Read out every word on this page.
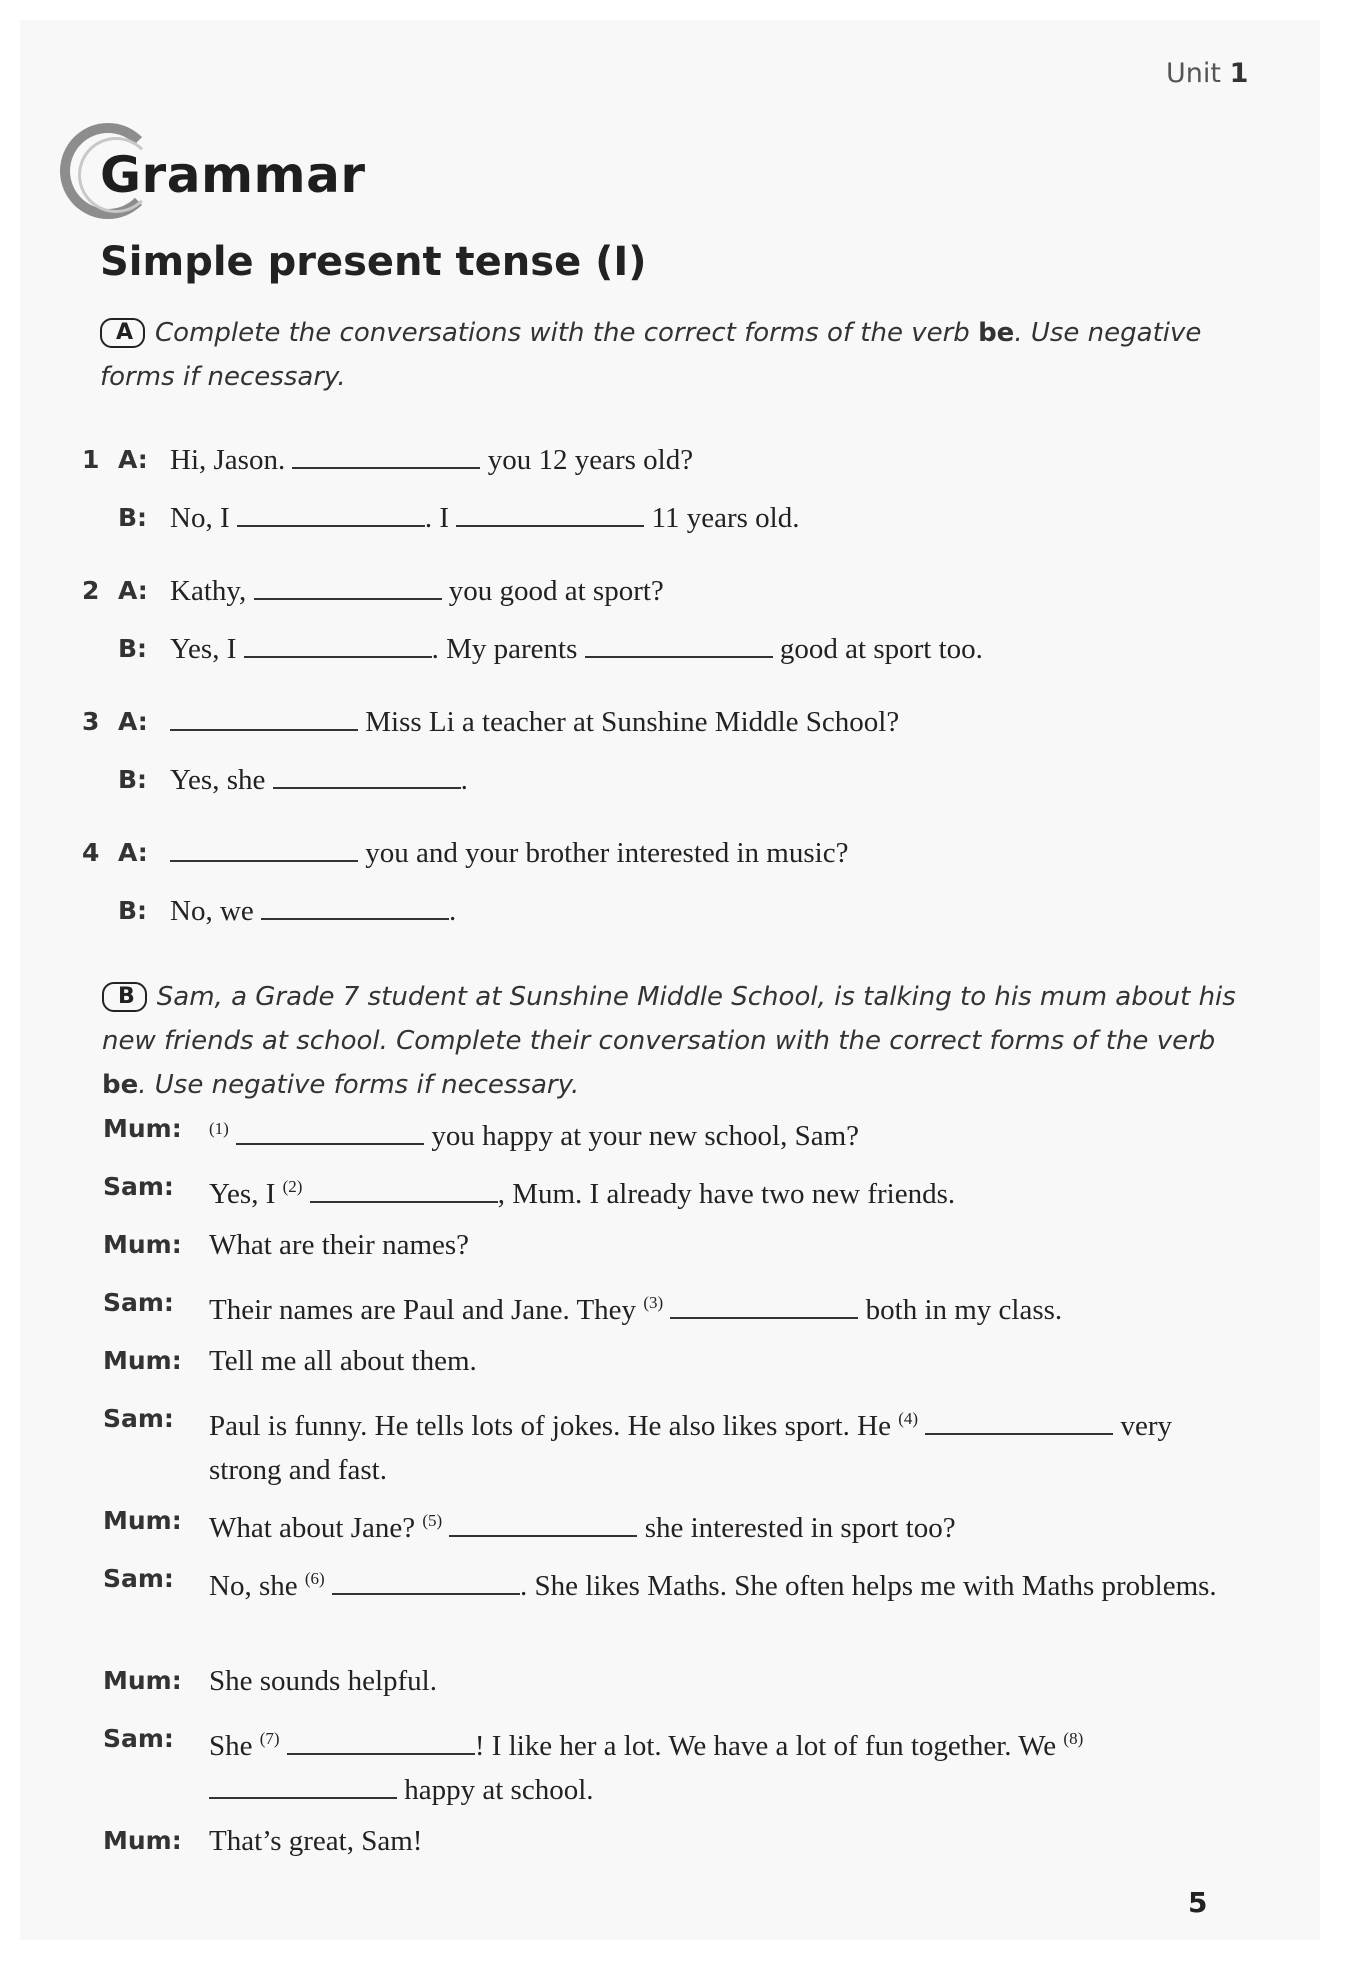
Unit 1
Grammar
Simple present tense (I)
A Complete the conversations with the correct forms of the verb be. Use negative forms if necessary.
1 A: Hi, Jason.	you 12 years old?
B: No, I	. I	11 years old.
2 A: Kathy,	you good at sport?
B: Yes, I	. My parents	good at sport too.
3 A:	Miss Li a teacher at Sunshine Middle School?
B: Yes, she	.
4 A:	you and your brother interested in music?
B: No, we	.
B Sam, a Grade 7 student at Sunshine Middle School, is talking to his mum about his new friends at school. Complete their conversation with the correct forms of the verb be. Use negative forms if necessary.
Mum: $^{(1)}$	you happy at your new school, Sam?
Sam: Yes, I $^{(2)}$	, Mum. I already have two new friends.
Mum: What are their names?
Sam: Their names are Paul and Jane. They $^{(3)}$	both in my class.
Mum: Tell me all about them.
Sam: Paul is funny. He tells lots of jokes. He also likes sport. He $^{(4)}$	very strong and fast.
Mum: What about Jane? $^{(5)}$	she interested in sport too?
Sam: No, she $^{(6)}$	. She likes Maths. She often helps me with Maths problems.
Mum: She sounds helpful.
Sam: She $^{(7)}$	! I like her a lot. We have a lot of fun together. We $^{(8)}$  happy at school.
Mum: That’s great, Sam!
5
